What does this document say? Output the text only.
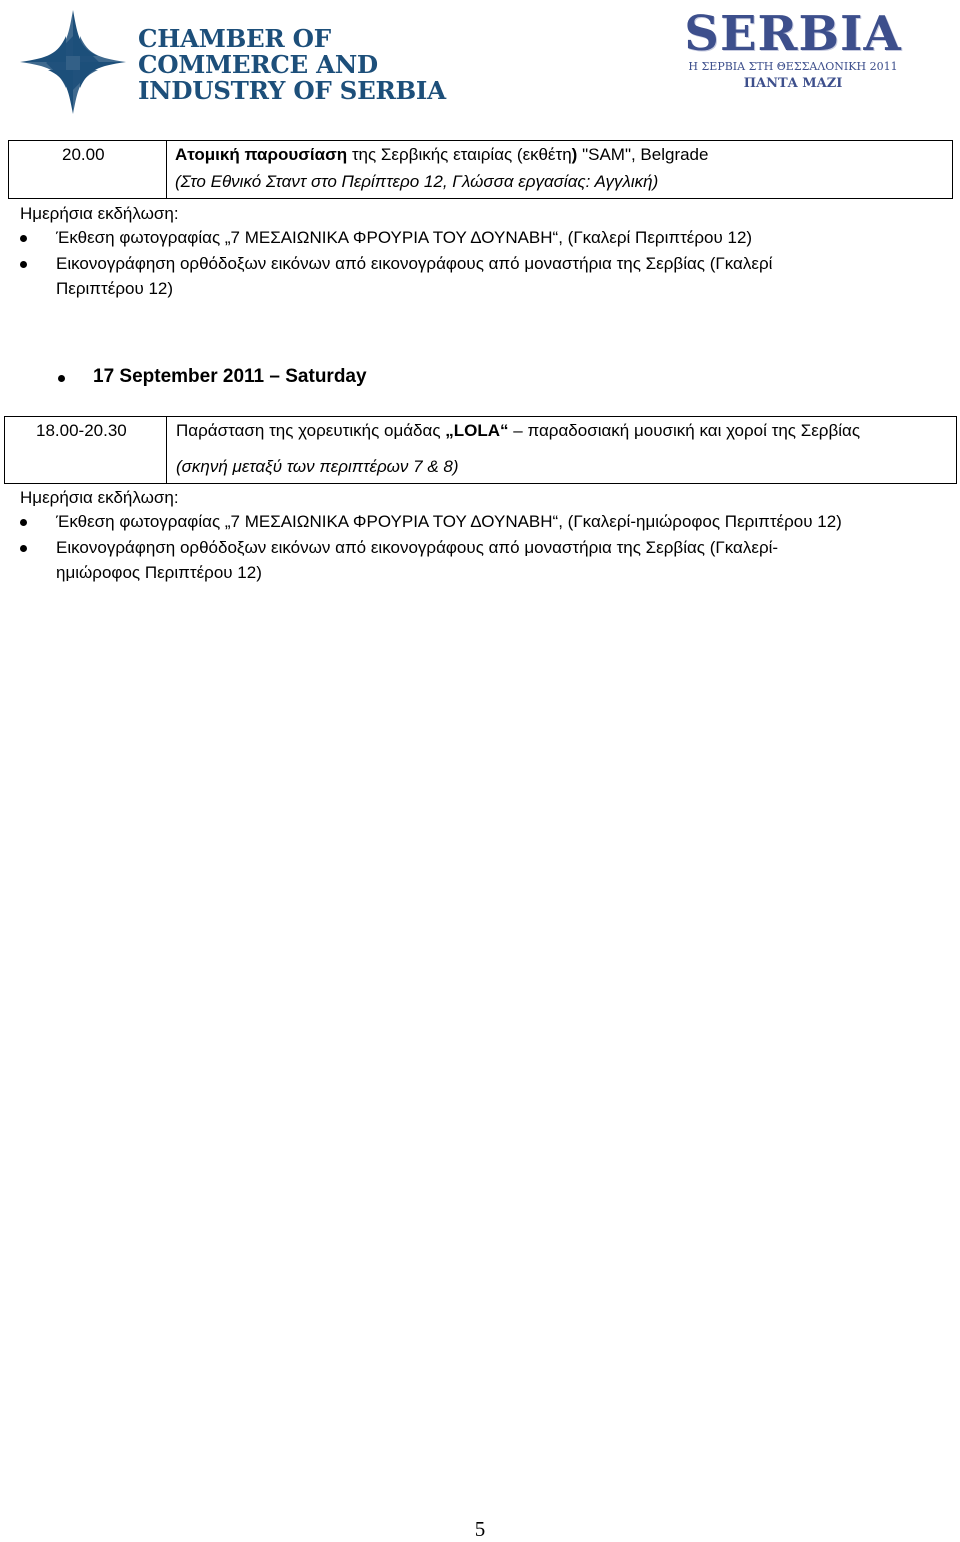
CHAMBER OF
COMMERCE AND
INDUSTRY OF SERBIA
SERBIA
Η ΣΕΡΒΙΑ ΣΤΗ ΘΕΣΣΑΛΟΝΙΚΗ 2011
ΠΑΝΤΑ ΜΑΖΙ
20.00	Ατομική παρουσίαση της Σερβικής εταιρίας (εκθέτη) "SAM", Belgrade
(Στο Εθνικό Σταντ στο Περίπτερο 12, Γλώσσα εργασίας: Αγγλική)
Ημερήσια εκδήλωση:
Έκθεση φωτογραφίας „7 ΜΕΣΑΙΩΝΙΚΑ ΦΡΟΥΡΙΑ ΤΟΥ ΔΟΥΝΑΒΗ“, (Γκαλερί Περιπτέρου 12)
Εικονογράφηση ορθόδοξων εικόνων από εικονογράφους από μοναστήρια της Σερβίας (Γκαλερί
Περιπτέρου 12)
17 September 2011 – Saturday
18.00-20.30	Παράσταση της χορευτικής ομάδας „LOLA“ – παραδοσιακή μουσική και χοροί της Σερβίας
(σκηνή μεταξύ των περιπτέρων 7 & 8)
Ημερήσια εκδήλωση:
Έκθεση φωτογραφίας „7 ΜΕΣΑΙΩΝΙΚΑ ΦΡΟΥΡΙΑ ΤΟΥ ΔΟΥΝΑΒΗ“, (Γκαλερί-ημιώροφος Περιπτέρου 12)
Εικονογράφηση ορθόδοξων εικόνων από εικονογράφους από μοναστήρια της Σερβίας (Γκαλερί-
ημιώροφος Περιπτέρου 12)
5
